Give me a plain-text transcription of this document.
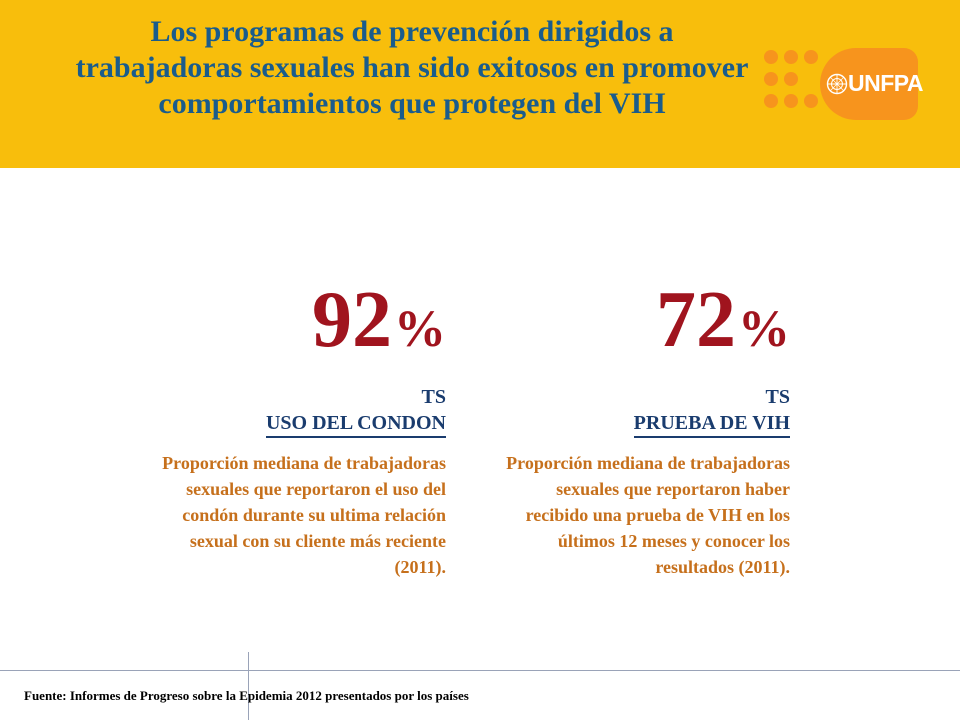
Los programas de prevención dirigidos a trabajadoras sexuales han sido exitosos en promover comportamientos que protegen del VIH
UNFPA
92%
TS
USO DEL CONDON

Proporción mediana de trabajadoras sexuales que reportaron el uso del condón durante su ultima relación sexual con su cliente más reciente (2011).

72%
TS
PRUEBA DE VIH

Proporción mediana de trabajadoras sexuales que reportaron haber recibido una prueba de VIH en los últimos 12 meses y conocer los resultados (2011).

Fuente: Informes de Progreso sobre la Epidemia 2012 presentados por los países
